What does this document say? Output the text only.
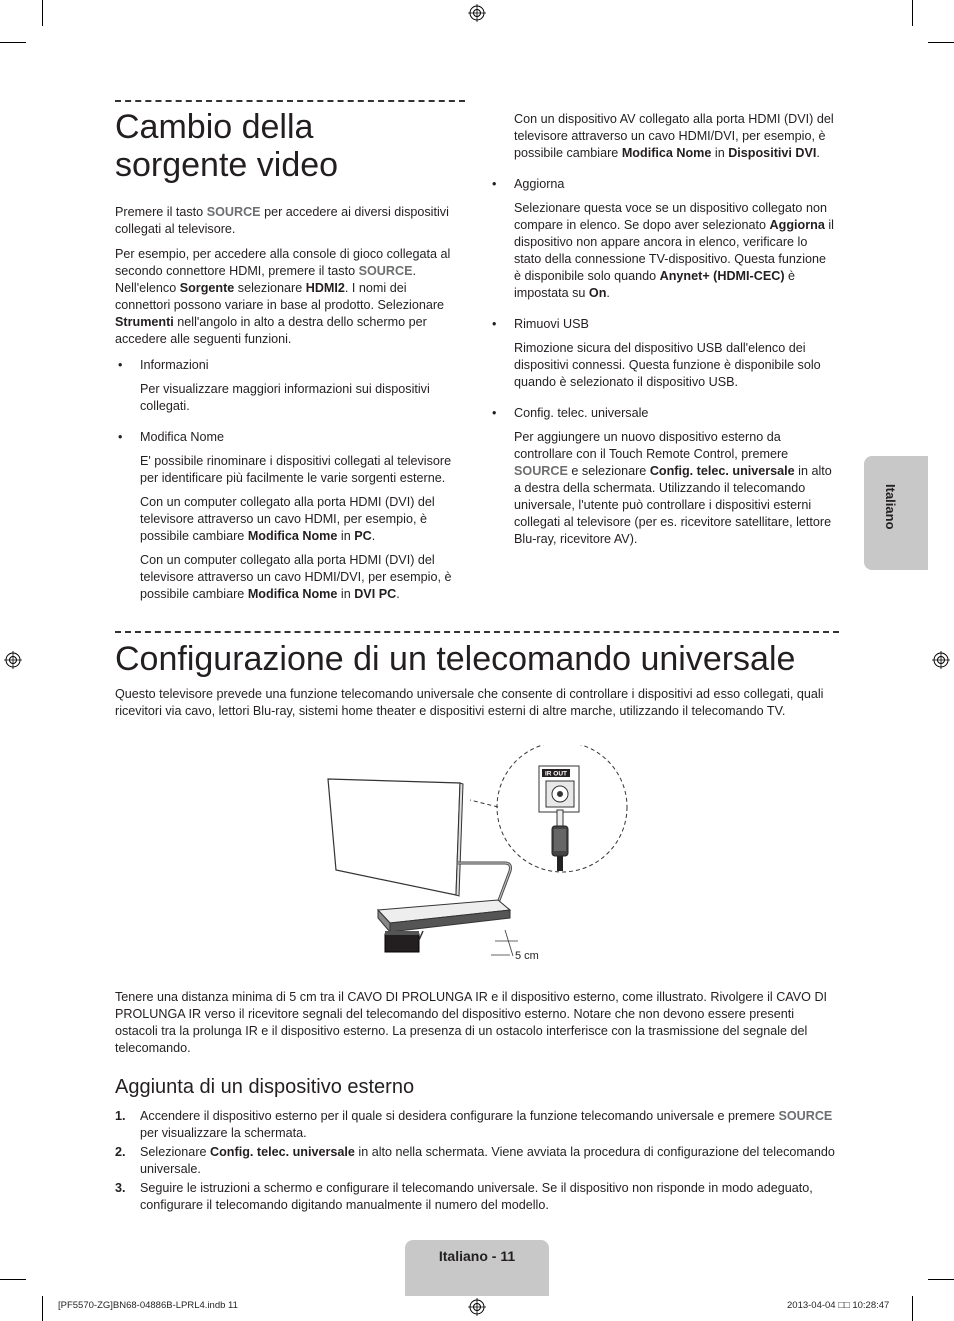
Cambio della sorgente video

Premere il tasto SOURCE per accedere ai diversi dispositivi collegati al televisore.

Per esempio, per accedere alla console di gioco collegata al secondo connettore HDMI, premere il tasto SOURCE. Nell'elenco Sorgente selezionare HDMI2. I nomi dei connettori possono variare in base al prodotto. Selezionare Strumenti nell'angolo in alto a destra dello schermo per accedere alle seguenti funzioni.

• Informazioni

Per visualizzare maggiori informazioni sui dispositivi collegati.

• Modifica Nome

E' possibile rinominare i dispositivi collegati al televisore per identificare più facilmente le varie sorgenti esterne.

Con un computer collegato alla porta HDMI (DVI) del televisore attraverso un cavo HDMI, per esempio, è possibile cambiare Modifica Nome in PC.

Con un computer collegato alla porta HDMI (DVI) del televisore attraverso un cavo HDMI/DVI, per esempio, è possibile cambiare Modifica Nome in DVI PC.

Con un dispositivo AV collegato alla porta HDMI (DVI) del televisore attraverso un cavo HDMI/DVI, per esempio, è possibile cambiare Modifica Nome in Dispositivi DVI.

• Aggiorna

Selezionare questa voce se un dispositivo collegato non compare in elenco. Se dopo aver selezionato Aggiorna il dispositivo non appare ancora in elenco, verificare lo stato della connessione TV-dispositivo. Questa funzione è disponibile solo quando Anynet+ (HDMI-CEC) è impostata su On.

• Rimuovi USB

Rimozione sicura del dispositivo USB dall'elenco dei dispositivi connessi. Questa funzione è disponibile solo quando è selezionato il dispositivo USB.

• Config. telec. universale

Per aggiungere un nuovo dispositivo esterno da controllare con il Touch Remote Control, premere SOURCE e selezionare Config. telec. universale in alto a destra della schermata. Utilizzando il telecomando universale, l'utente può controllare i dispositivi esterni collegati al televisore (per es. ricevitore satellitare, lettore Blu-ray, ricevitore AV).

Italiano
Configurazione di un telecomando universale

Questo televisore prevede una funzione telecomando universale che consente di controllare i dispositivi ad esso collegati, quali ricevitori via cavo, lettori Blu-ray, sistemi home theater e dispositivi esterni di altre marche, utilizzando il telecomando TV.

IR OUT
5 cm

Tenere una distanza minima di 5 cm tra il CAVO DI PROLUNGA IR e il dispositivo esterno, come illustrato. Rivolgere il CAVO DI PROLUNGA IR verso il ricevitore segnali del telecomando del dispositivo esterno. Notare che non devono essere presenti ostacoli tra la prolunga IR e il dispositivo esterno. La presenza di un ostacolo interferisce con la trasmissione del segnale del telecomando.

Aggiunta di un dispositivo esterno
1. Accendere il dispositivo esterno per il quale si desidera configurare la funzione telecomando universale e premere SOURCE per visualizzare la schermata.
2. Selezionare Config. telec. universale in alto nella schermata. Viene avviata la procedura di configurazione del telecomando universale.
3. Seguire le istruzioni a schermo e configurare il telecomando universale. Se il dispositivo non risponde in modo adeguato, configurare il telecomando digitando manualmente il numero del modello.
Italiano - 11
[PF5570-ZG]BN68-04886B-LPRL4.indb 11	2013-04-04 □□ 10:28:47
